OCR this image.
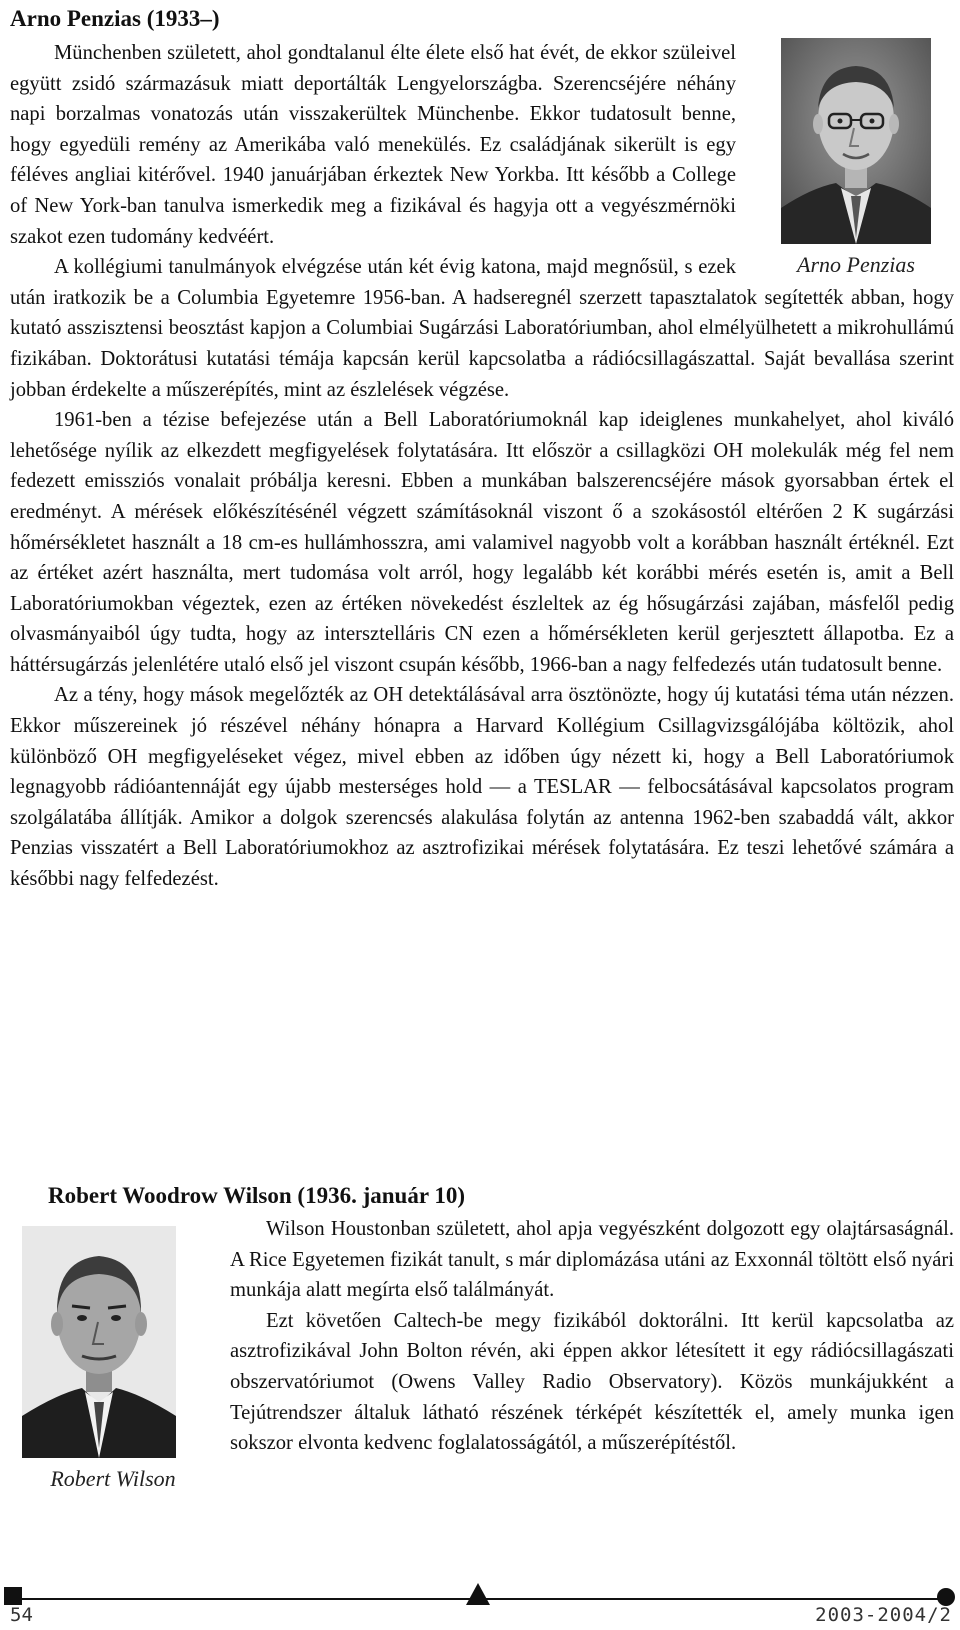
Arno Penzias (1933–)
Arno Penzias

Münchenben született, ahol gondtalanul élte élete első hat évét, de ekkor szüleivel együtt zsidó származásuk miatt deportálták Lengyelországba. Szerencséjére néhány napi borzalmas vonatozás után visszakerültek Münchenbe. Ekkor tudatosult benne, hogy egyedüli remény az Amerikába való menekülés. Ez családjának sikerült is egy féléves angliai kitérővel. 1940 januárjában érkeztek New Yorkba. Itt később a College of New York-ban tanulva ismerkedik meg a fizikával és hagyja ott a vegyészmérnöki szakot ezen tudomány kedvéért.

A kollégiumi tanulmányok elvégzése után két évig katona, majd megnősül, s ezek után iratkozik be a Columbia Egyetemre 1956-ban. A hadseregnél szerzett tapasztalatok segítették abban, hogy kutató asszisztensi beosztást kapjon a Columbiai Sugárzási Laboratóriumban, ahol elmélyülhetett a mikrohullámú fizikában. Doktorátusi kutatási témája kapcsán kerül kapcsolatba a rádiócsillagászattal. Saját bevallása szerint jobban érdekelte a műszerépítés, mint az észlelések végzése.

1961-ben a tézise befejezése után a Bell Laboratóriumoknál kap ideiglenes munkahelyet, ahol kiváló lehetősége nyílik az elkezdett megfigyelések folytatására. Itt először a csillagközi OH molekulák még fel nem fedezett emissziós vonalait próbálja keresni. Ebben a munkában balszerencséjére mások gyorsabban értek el eredményt. A mérések előkészítésénél végzett számításoknál viszont ő a szokásostól eltérően 2 K sugárzási hőmérsékletet használt a 18 cm-es hullámhosszra, ami valamivel nagyobb volt a korábban használt értéknél. Ezt az értéket azért használta, mert tudomása volt arról, hogy legalább két korábbi mérés esetén is, amit a Bell Laboratóriumokban végeztek, ezen az értéken növekedést észleltek az ég hősugárzási zajában, másfelől pedig olvasmányaiból úgy tudta, hogy az intersztelláris CN ezen a hőmérsékleten kerül gerjesztett állapotba. Ez a háttérsugárzás jelenlétére utaló első jel viszont csupán később, 1966-ban a nagy felfedezés után tudatosult benne.

Az a tény, hogy mások megelőzték az OH detektálásával arra ösztönözte, hogy új kutatási téma után nézzen. Ekkor műszereinek jó részével néhány hónapra a Harvard Kollégium Csillagvizsgálójába költözik, ahol különböző OH megfigyeléseket végez, mivel ebben az időben úgy nézett ki, hogy a Bell Laboratóriumok legnagyobb rádióantennáját egy újabb mesterséges hold — a TESLAR — felbocsátásával kapcsolatos program szolgálatába állítják. Amikor a dolgok szerencsés alakulása folytán az antenna 1962-ben szabaddá vált, akkor Penzias visszatért a Bell Laboratóriumokhoz az asztrofizikai mérések folytatására. Ez teszi lehetővé számára a későbbi nagy felfedezést.

Robert Woodrow Wilson (1936. január 10)
Robert Wilson

Wilson Houstonban született, ahol apja vegyészként dolgozott egy olajtársaságnál. A Rice Egyetemen fizikát tanult, s már diplomázása utáni az Exxonnál töltött első nyári munkája alatt megírta első találmányát.

Ezt követően Caltech-be megy fizikából doktorálni. Itt kerül kapcsolatba az asztrofizikával John Bolton révén, aki éppen akkor létesített it egy rádiócsillagászati obszervatóriumot (Owens Valley Radio Observatory). Közös munkájukként a Tejútrendszer általuk látható részének térképét készítették el, amely munka igen sokszor elvonta kedvenc foglalatosságától, a műszerépítéstől.

54	2003-2004/2
